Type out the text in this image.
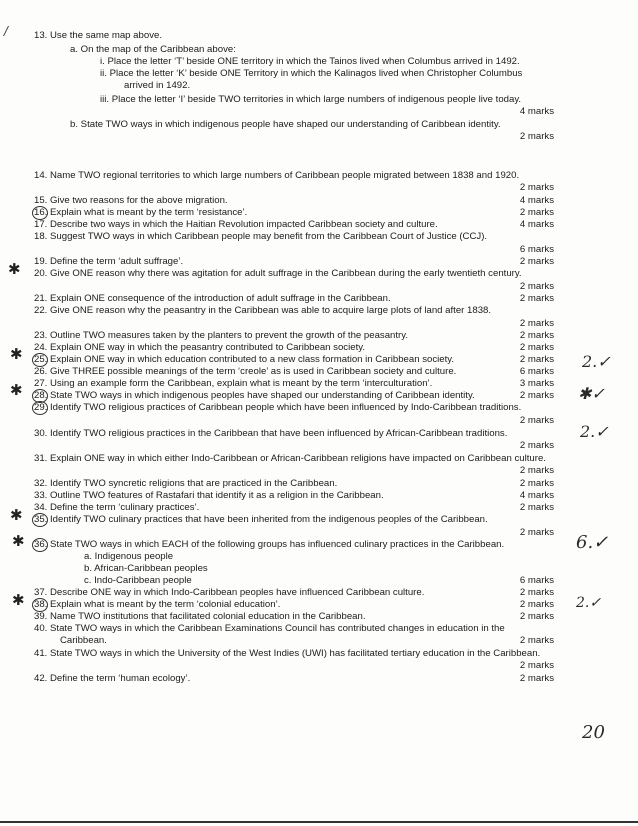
13. Use the same map above.
a. On the map of the Caribbean above:
i. Place the letter ‘T’ beside ONE territory in which the Tainos lived when Columbus arrived in 1492.
ii. Place the letter ‘K’ beside ONE Territory in which the Kalinagos lived when Christopher Columbus
arrived in 1492.
iii. Place the letter ‘I’ beside TWO territories in which large numbers of indigenous people live today.
b. State TWO ways in which indigenous people have shaped our understanding of Caribbean identity.
14. Name TWO regional territories to which large numbers of Caribbean people migrated between 1838 and 1920.
15. Give two reasons for the above migration.
16. Explain what is meant by the term ‘resistance’.
17. Describe two ways in which the Haitian Revolution impacted Caribbean society and culture.
18. Suggest TWO ways in which Caribbean people may benefit from the Caribbean Court of Justice (CCJ).
19. Define the term ‘adult suffrage’.
20. Give ONE reason why there was agitation for adult suffrage in the Caribbean during the early twentieth century.
21. Explain ONE consequence of the introduction of adult suffrage in the Caribbean.
22. Give ONE reason why the peasantry in the Caribbean was able to acquire large plots of land after 1838.
23. Outline TWO measures taken by the planters to prevent the growth of the peasantry.
24. Explain ONE way in which the peasantry contributed to Caribbean society.
25. Explain ONE way in which education contributed to a new class formation in Caribbean society.
26. Give THREE possible meanings of the term ‘creole’ as is used in Caribbean society and culture.
27. Using an example form the Caribbean, explain what is meant by the term ‘interculturation’.
28. State TWO ways in which indigenous peoples have shaped our understanding of Caribbean identity.
29. Identify TWO religious practices of Caribbean people which have been influenced by Indo-Caribbean traditions.
30. Identify TWO religious practices in the Caribbean that have been influenced by African-Caribbean traditions.
31. Explain ONE way in which either Indo-Caribbean or African-Caribbean religions have impacted on Caribbean culture.
32. Identify TWO syncretic religions that are practiced in the Caribbean.
33. Outline TWO features of Rastafari that identify it as a religion in the Caribbean.
34. Define the term ‘culinary practices’.
35. Identify TWO culinary practices that have been inherited from the indigenous peoples of the Caribbean.
36. State TWO ways in which EACH of the following groups has influenced culinary practices in the Caribbean.
a. Indigenous people
b. African-Caribbean peoples
c. Indo-Caribbean people
37. Describe ONE way in which Indo-Caribbean peoples have influenced Caribbean culture.
38. Explain what is meant by the term ‘colonial education’.
39. Name TWO institutions that facilitated colonial education in the Caribbean.
40. State TWO ways in which the Caribbean Examinations Council has contributed changes in education in the
Caribbean.
41. State TWO ways in which the University of the West Indies (UWI) has facilitated tertiary education in the Caribbean.
42. Define the term ‘human ecology’.
4 marks
2 marks
2 marks
4 marks
2 marks
4 marks
6 marks
2 marks
2 marks
2 marks
2 marks
2 marks
2 marks
2 marks
6 marks
3 marks
2 marks
2 marks
2 marks
2 marks
2 marks
4 marks
2 marks
2 marks
6 marks
2 marks
2 marks
2 marks
2 marks
2 marks
2 marks
2.✓
✱✓
2.✓
6.✓
2.✓
20
✱
✱
✱
✱
✱
✱
/
